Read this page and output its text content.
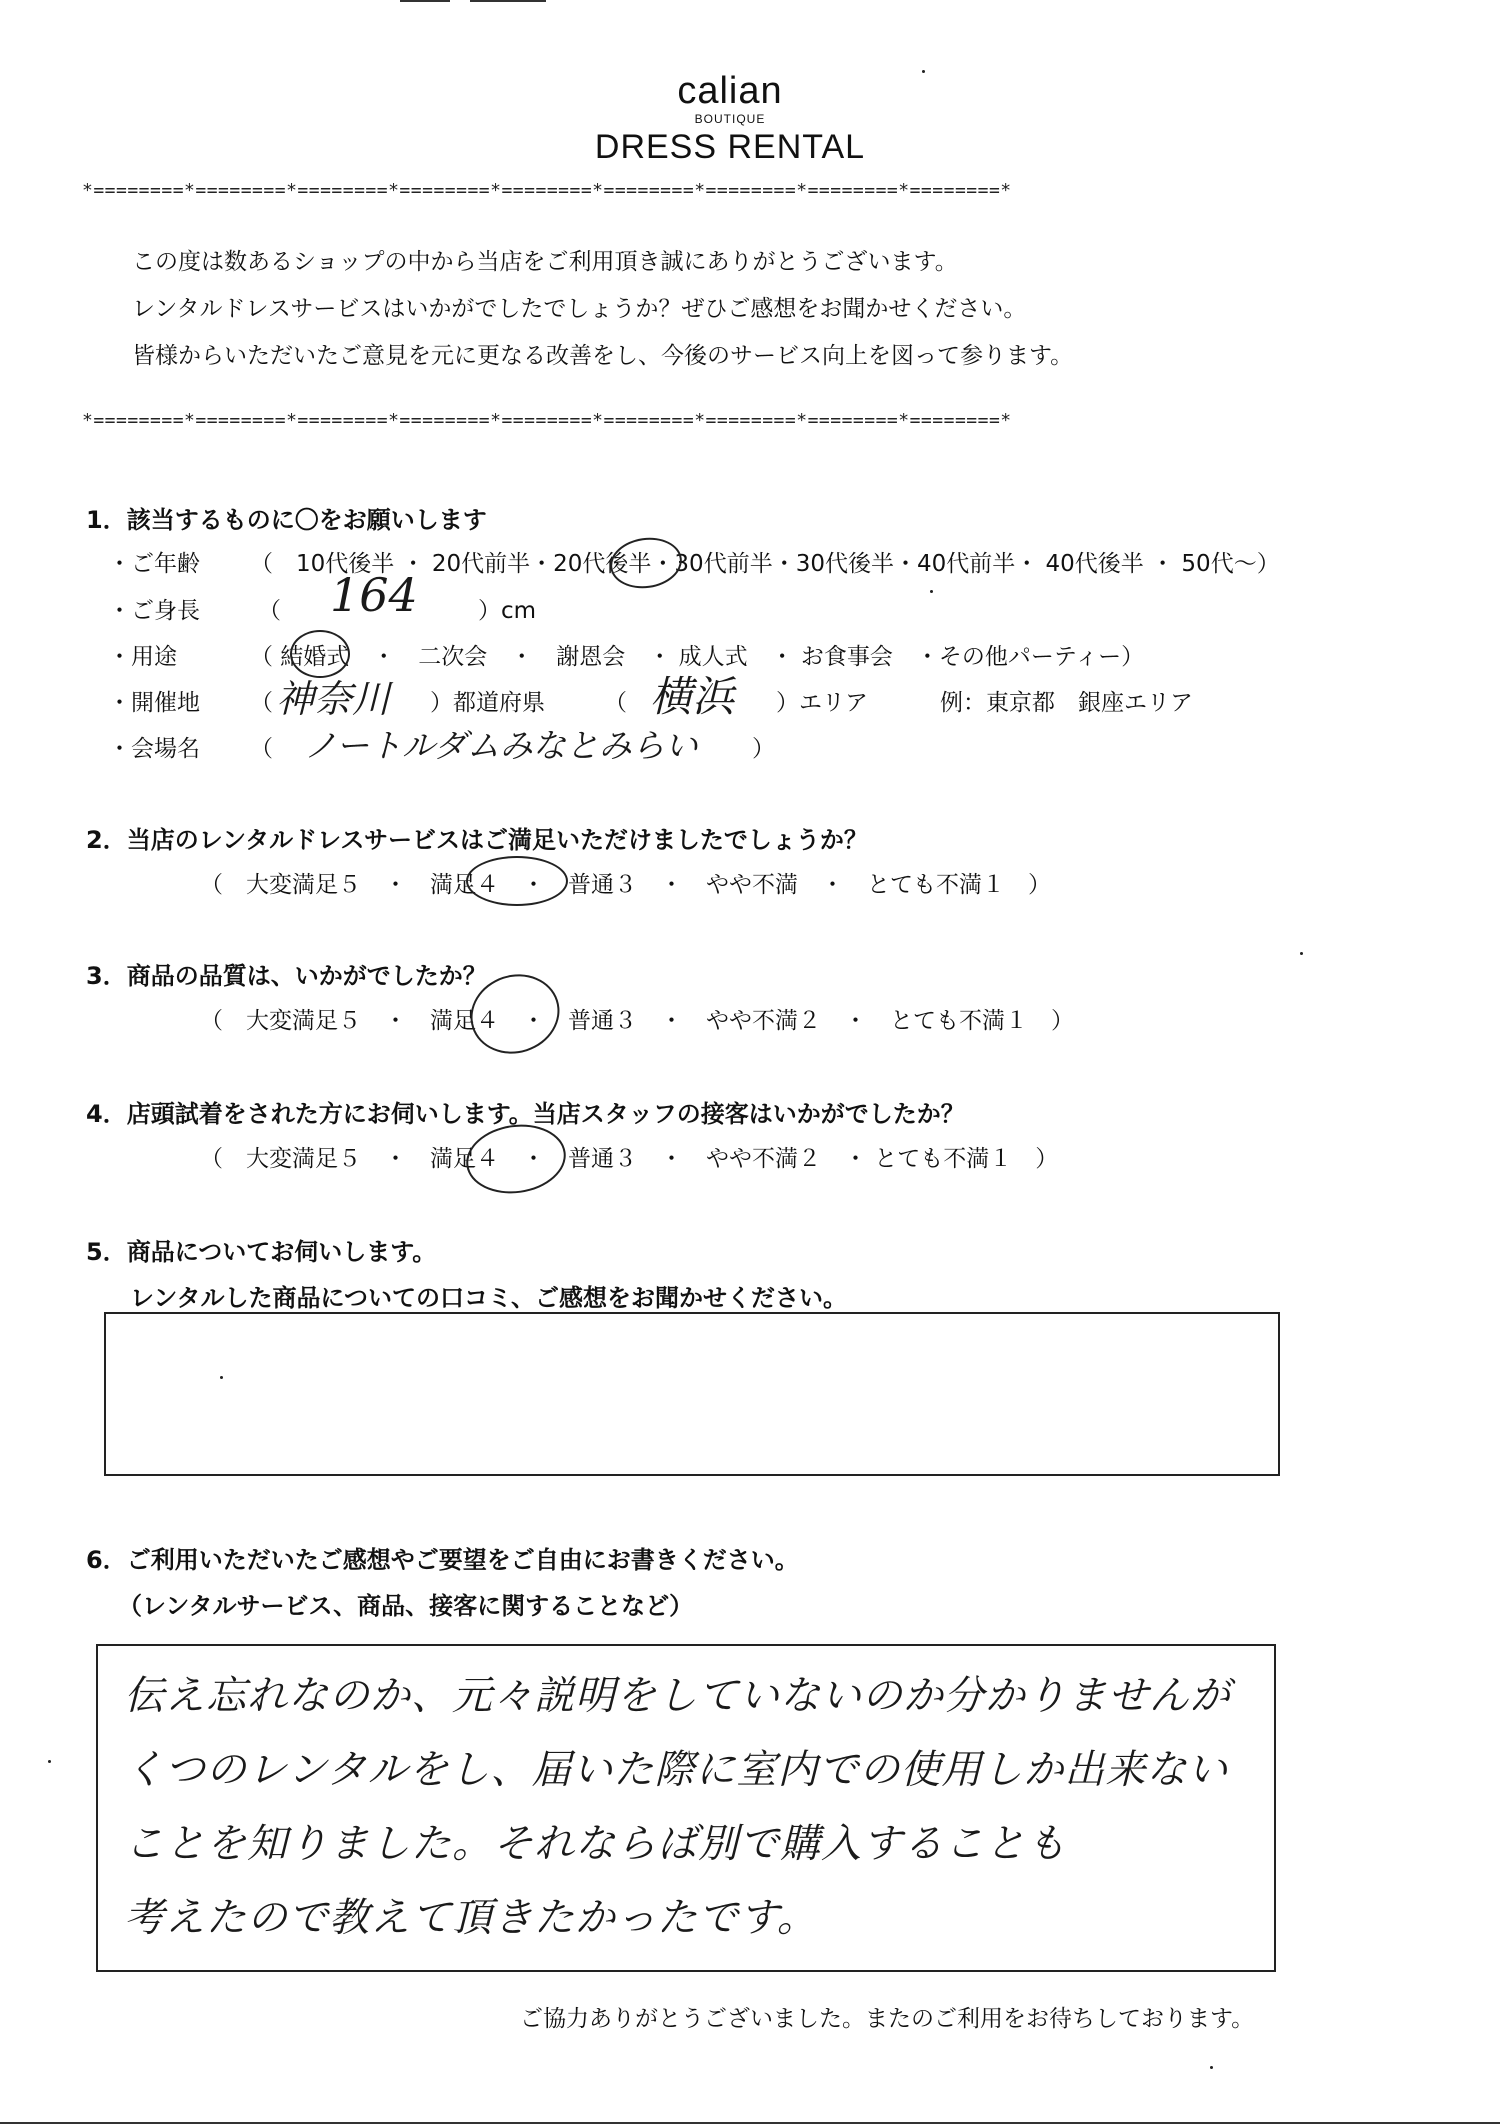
calian
BOUTIQUE
DRESS RENTAL
*========*========*========*========*========*========*========*========*========*
この度は数あるショップの中から当店をご利用頂き誠にありがとうございます。
レンタルドレスサービスはいかがでしたでしょうか？ぜひご感想をお聞かせください。
皆様からいただいたご意見を元に更なる改善をし、今後のサービス向上を図って参ります。
*========*========*========*========*========*========*========*========*========*
1．該当するものに〇をお願いします
・ご年齢 （　10代後半 ・ 20代前半・20代後半・30代前半・30代後半・40代前半・ 40代後半 ・ 50代～）
・ご身長	（ 164	）cm
・用途	（ 結婚式　・　二次会　・　謝恩会　・ 成人式　・ お食事会　・その他パーティー）
・開催地 （ 神奈川 ）都道府県	（ 横浜 ）エリア	例：東京都　銀座エリア
・会場名 （ ノートルダムみなとみらい ）
2．当店のレンタルドレスサービスはご満足いただけましたでしょうか？
（　大変満足５　・　満足４　・　普通３　・　やや不満　・　とても不満１　）
3．商品の品質は、いかがでしたか？
（　大変満足５　・　満足４　・　普通３　・　やや不満２　・　とても不満１　）
4．店頭試着をされた方にお伺いします。当店スタッフの接客はいかがでしたか？
（　大変満足５　・　満足４　・　普通３　・　やや不満２　・ とても不満１　）
5．商品についてお伺いします。
レンタルした商品についての口コミ、ご感想をお聞かせください。
6．ご利用いただいたご感想やご要望をご自由にお書きください。
（レンタルサービス、商品、接客に関することなど）
伝え忘れなのか、元々説明をしていないのか分かりませんが
くつのレンタルをし、届いた際に室内での使用しか出来ない
ことを知りました。それならば別で購入することも
考えたので教えて頂きたかったです。
ご協力ありがとうございました。またのご利用をお待ちしております。
